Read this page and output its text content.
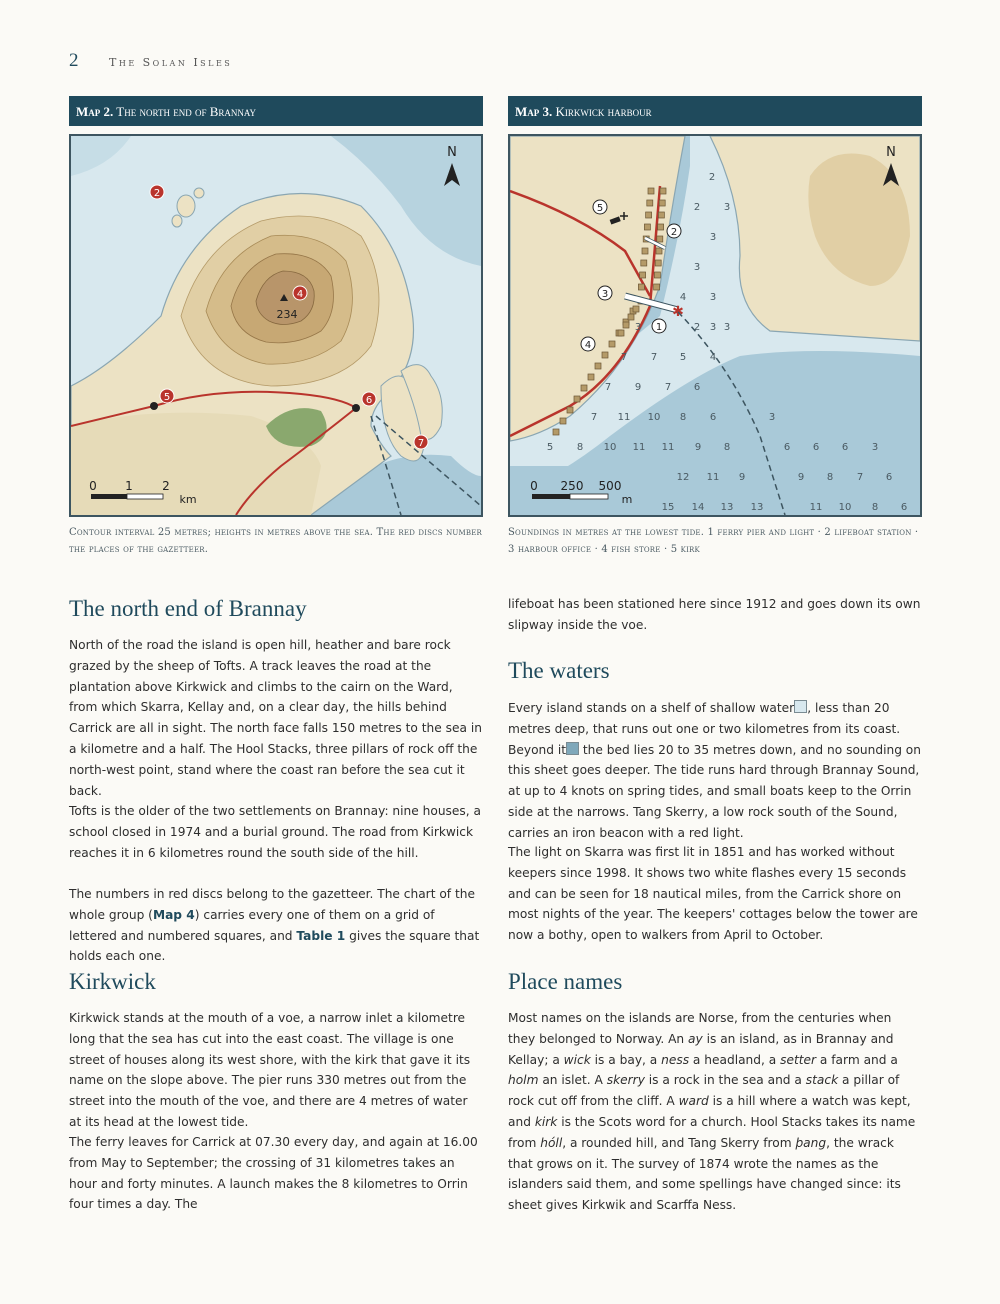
2	The Solan Isles
Map 2. The north end of Brannay
234
2
4
5	6
7
N
0 1 2
km
Contour interval 25 metres; heights in metres above the sea. The red discs number the places of the gazetteer.
Map 3. Kirkwick harbour
✱
2
2 3
3
3
3
4
3
3	2 3
7 7 5 4
7 9 7 6
7 11 10 8 6	3
5 8 10 11 11 9 8	6 6 6 3
12 11 9	9 8 7 6
15 14 13 13	11 10 8 6
1
2
3
4
5
N
0 250 500
m
Soundings in metres at the lowest tide. 1 ferry pier and light · 2 lifeboat station · 3 harbour office · 4 fish store · 5 kirk
The north end of Brannay

North of the road the island is open hill, heather and bare rock grazed by the sheep of Tofts. A track leaves the road at the plantation above Kirkwick and climbs to the cairn on the Ward, from which Skarra, Kellay and, on a clear day, the hills behind Carrick are all in sight. The north face falls 150 metres to the sea in a kilometre and a half. The Hool Stacks, three pillars of rock off the north-west point, stand where the coast ran before the sea cut it back.

Tofts is the older of the two settlements on Brannay: nine houses, a school closed in 1974 and a burial ground. The road from Kirkwick reaches it in 6 kilometres round the south side of the hill.

The numbers in red discs belong to the gazetteer. The chart of the whole group (Map 4) carries every one of them on a grid of lettered and numbered squares, and Table 1 gives the square that holds each one.

Kirkwick

Kirkwick stands at the mouth of a voe, a narrow inlet a kilometre long that the sea has cut into the east coast. The village is one street of houses along its west shore, with the kirk that gave it its name on the slope above. The pier runs 330 metres out from the street into the mouth of the voe, and there are 4 metres of water at its head at the lowest tide.

The ferry leaves for Carrick at 07.30 every day, and again at 16.00 from May to September; the crossing of 31 kilometres takes an hour and forty minutes. A launch makes the 8 kilometres to Orrin four times a day. The

lifeboat has been stationed here since 1912 and goes down its own slipway inside the voe.

The waters

Every island stands on a shelf of shallow water , less than 20 metres deep, that runs out one or two kilometres from its coast. Beyond it the bed lies 20 to 35 metres down, and no sounding on this sheet goes deeper. The tide runs hard through Brannay Sound, at up to 4 knots on spring tides, and small boats keep to the Orrin side at the narrows. Tang Skerry, a low rock south of the Sound, carries an iron beacon with a red light.

The light on Skarra was first lit in 1851 and has worked without keepers since 1998. It shows two white flashes every 15 seconds and can be seen for 18 nautical miles, from the Carrick shore on most nights of the year. The keepers' cottages below the tower are now a bothy, open to walkers from April to October.

Place names

Most names on the islands are Norse, from the centuries when they belonged to Norway. An ay is an island, as in Brannay and Kellay; a wick is a bay, a ness a headland, a setter a farm and a holm an islet. A skerry is a rock in the sea and a stack a pillar of rock cut off from the cliff. A ward is a hill where a watch was kept, and kirk is the Scots word for a church. Hool Stacks takes its name from hóll, a rounded hill, and Tang Skerry from þang, the wrack that grows on it. The survey of 1874 wrote the names as the islanders said them, and some spellings have changed since: its sheet gives Kirkwik and Scarffa Ness.
